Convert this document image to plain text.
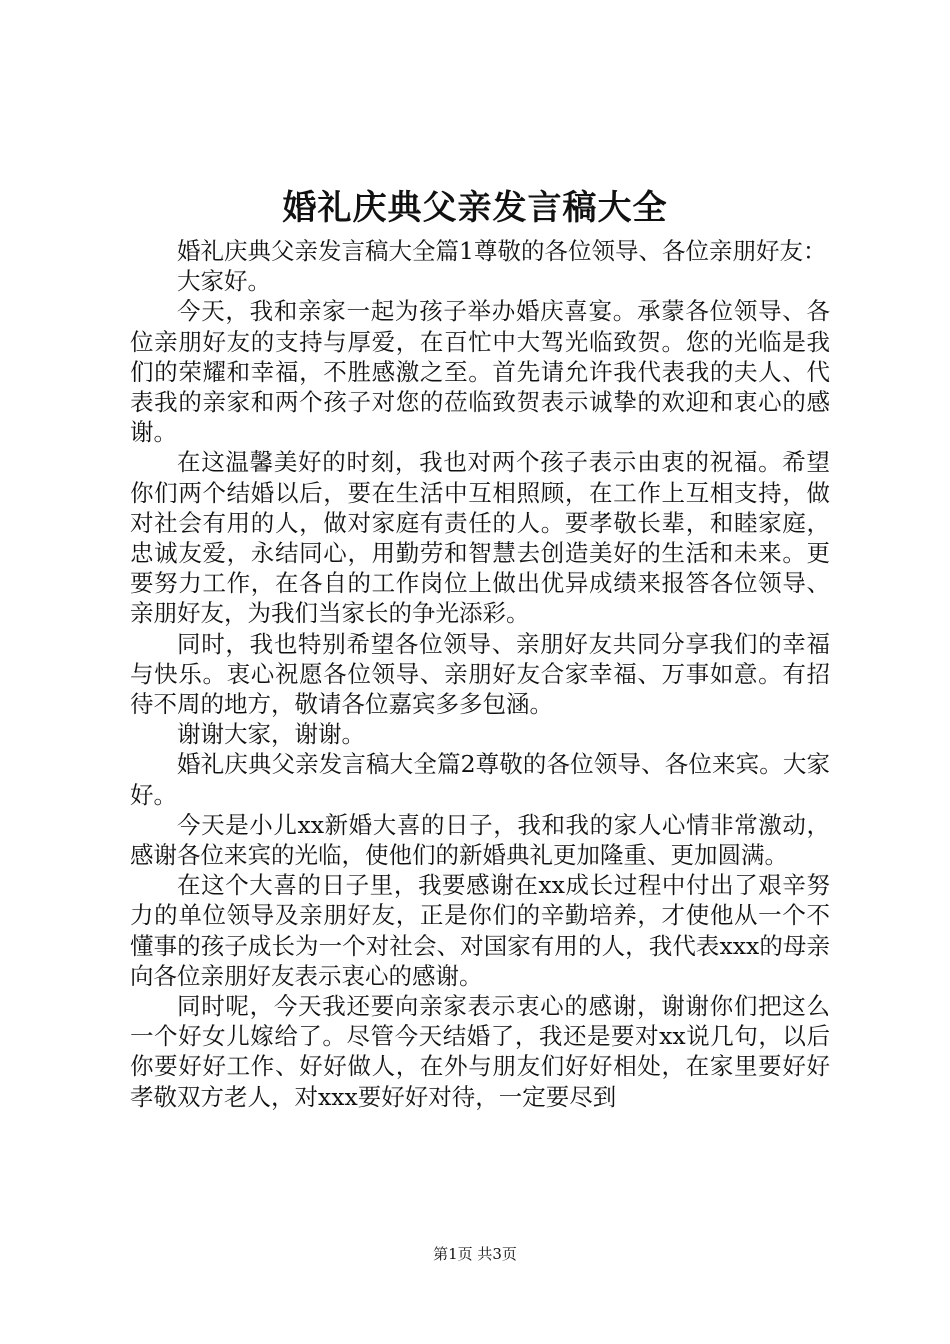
婚礼庆典父亲发言稿大全

婚礼庆典父亲发言稿大全篇1尊敬的各位领导、各位亲朋好友：

大家好。

今天，我和亲家一起为孩子举办婚庆喜宴。承蒙各位领导、各位亲朋好友的支持与厚爱，在百忙中大驾光临致贺。您的光临是我们的荣耀和幸福，不胜感激之至。首先请允许我代表我的夫人、代表我的亲家和两个孩子对您的莅临致贺表示诚挚的欢迎和衷心的感谢。

在这温馨美好的时刻，我也对两个孩子表示由衷的祝福。希望你们两个结婚以后，要在生活中互相照顾，在工作上互相支持，做对社会有用的人，做对家庭有责任的人。要孝敬长辈，和睦家庭，忠诚友爱，永结同心，用勤劳和智慧去创造美好的生活和未来。更要努力工作，在各自的工作岗位上做出优异成绩来报答各位领导、亲朋好友，为我们当家长的争光添彩。

同时，我也特别希望各位领导、亲朋好友共同分享我们的幸福与快乐。衷心祝愿各位领导、亲朋好友合家幸福、万事如意。有招待不周的地方，敬请各位嘉宾多多包涵。

谢谢大家，谢谢。

婚礼庆典父亲发言稿大全篇2尊敬的各位领导、各位来宾。大家好。

今天是小儿xx新婚大喜的日子，我和我的家人心情非常激动，感谢各位来宾的光临，使他们的新婚典礼更加隆重、更加圆满。

在这个大喜的日子里，我要感谢在xx成长过程中付出了艰辛努力的单位领导及亲朋好友，正是你们的辛勤培养，才使他从一个不懂事的孩子成长为一个对社会、对国家有用的人，我代表xxx的母亲向各位亲朋好友表示衷心的感谢。

同时呢，今天我还要向亲家表示衷心的感谢，谢谢你们把这么一个好女儿嫁给了。尽管今天结婚了，我还是要对xx说几句，以后你要好好工作、好好做人，在外与朋友们好好相处，在家里要好好孝敬双方老人，对xxx要好好对待，一定要尽到

第1页 共3页
